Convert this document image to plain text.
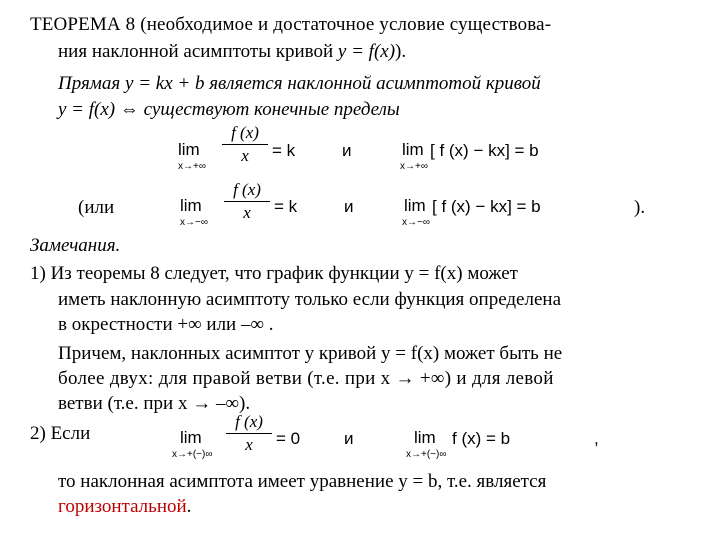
ТЕОРЕМА 8 (необходимое и достаточное условие существова-
ния наклонной асимптоты кривой y = f(x)).
Прямая y = kx + b является наклонной асимптотой кривой
y = f(x) ⇔ существуют конечные пределы
lim
x→+∞
f (x)
x	= k	и	lim
x→+∞
[ f (x) − kx] = b
(или	lim
x→−∞
f (x)
x	= k	и	lim
x→−∞
[ f (x) − kx] = b	).
Замечания.
1) Из теоремы 8 следует, что график функции y = f(x) может
иметь наклонную асимптоту только если функция определена
в окрестности +∞ или –∞ .
Причем, наклонных асимптот у кривой y = f(x) может быть не
более двух: для правой ветви (т.е. при x → +∞) и для левой
ветви (т.е. при x → –∞).
2) Если	lim
x→+(−)∞
f (x)
x	= 0	и	lim
x→+(−)∞
f (x) = b	,
то наклонная асимптота имеет уравнение y = b, т.е. является
горизонтальной.
